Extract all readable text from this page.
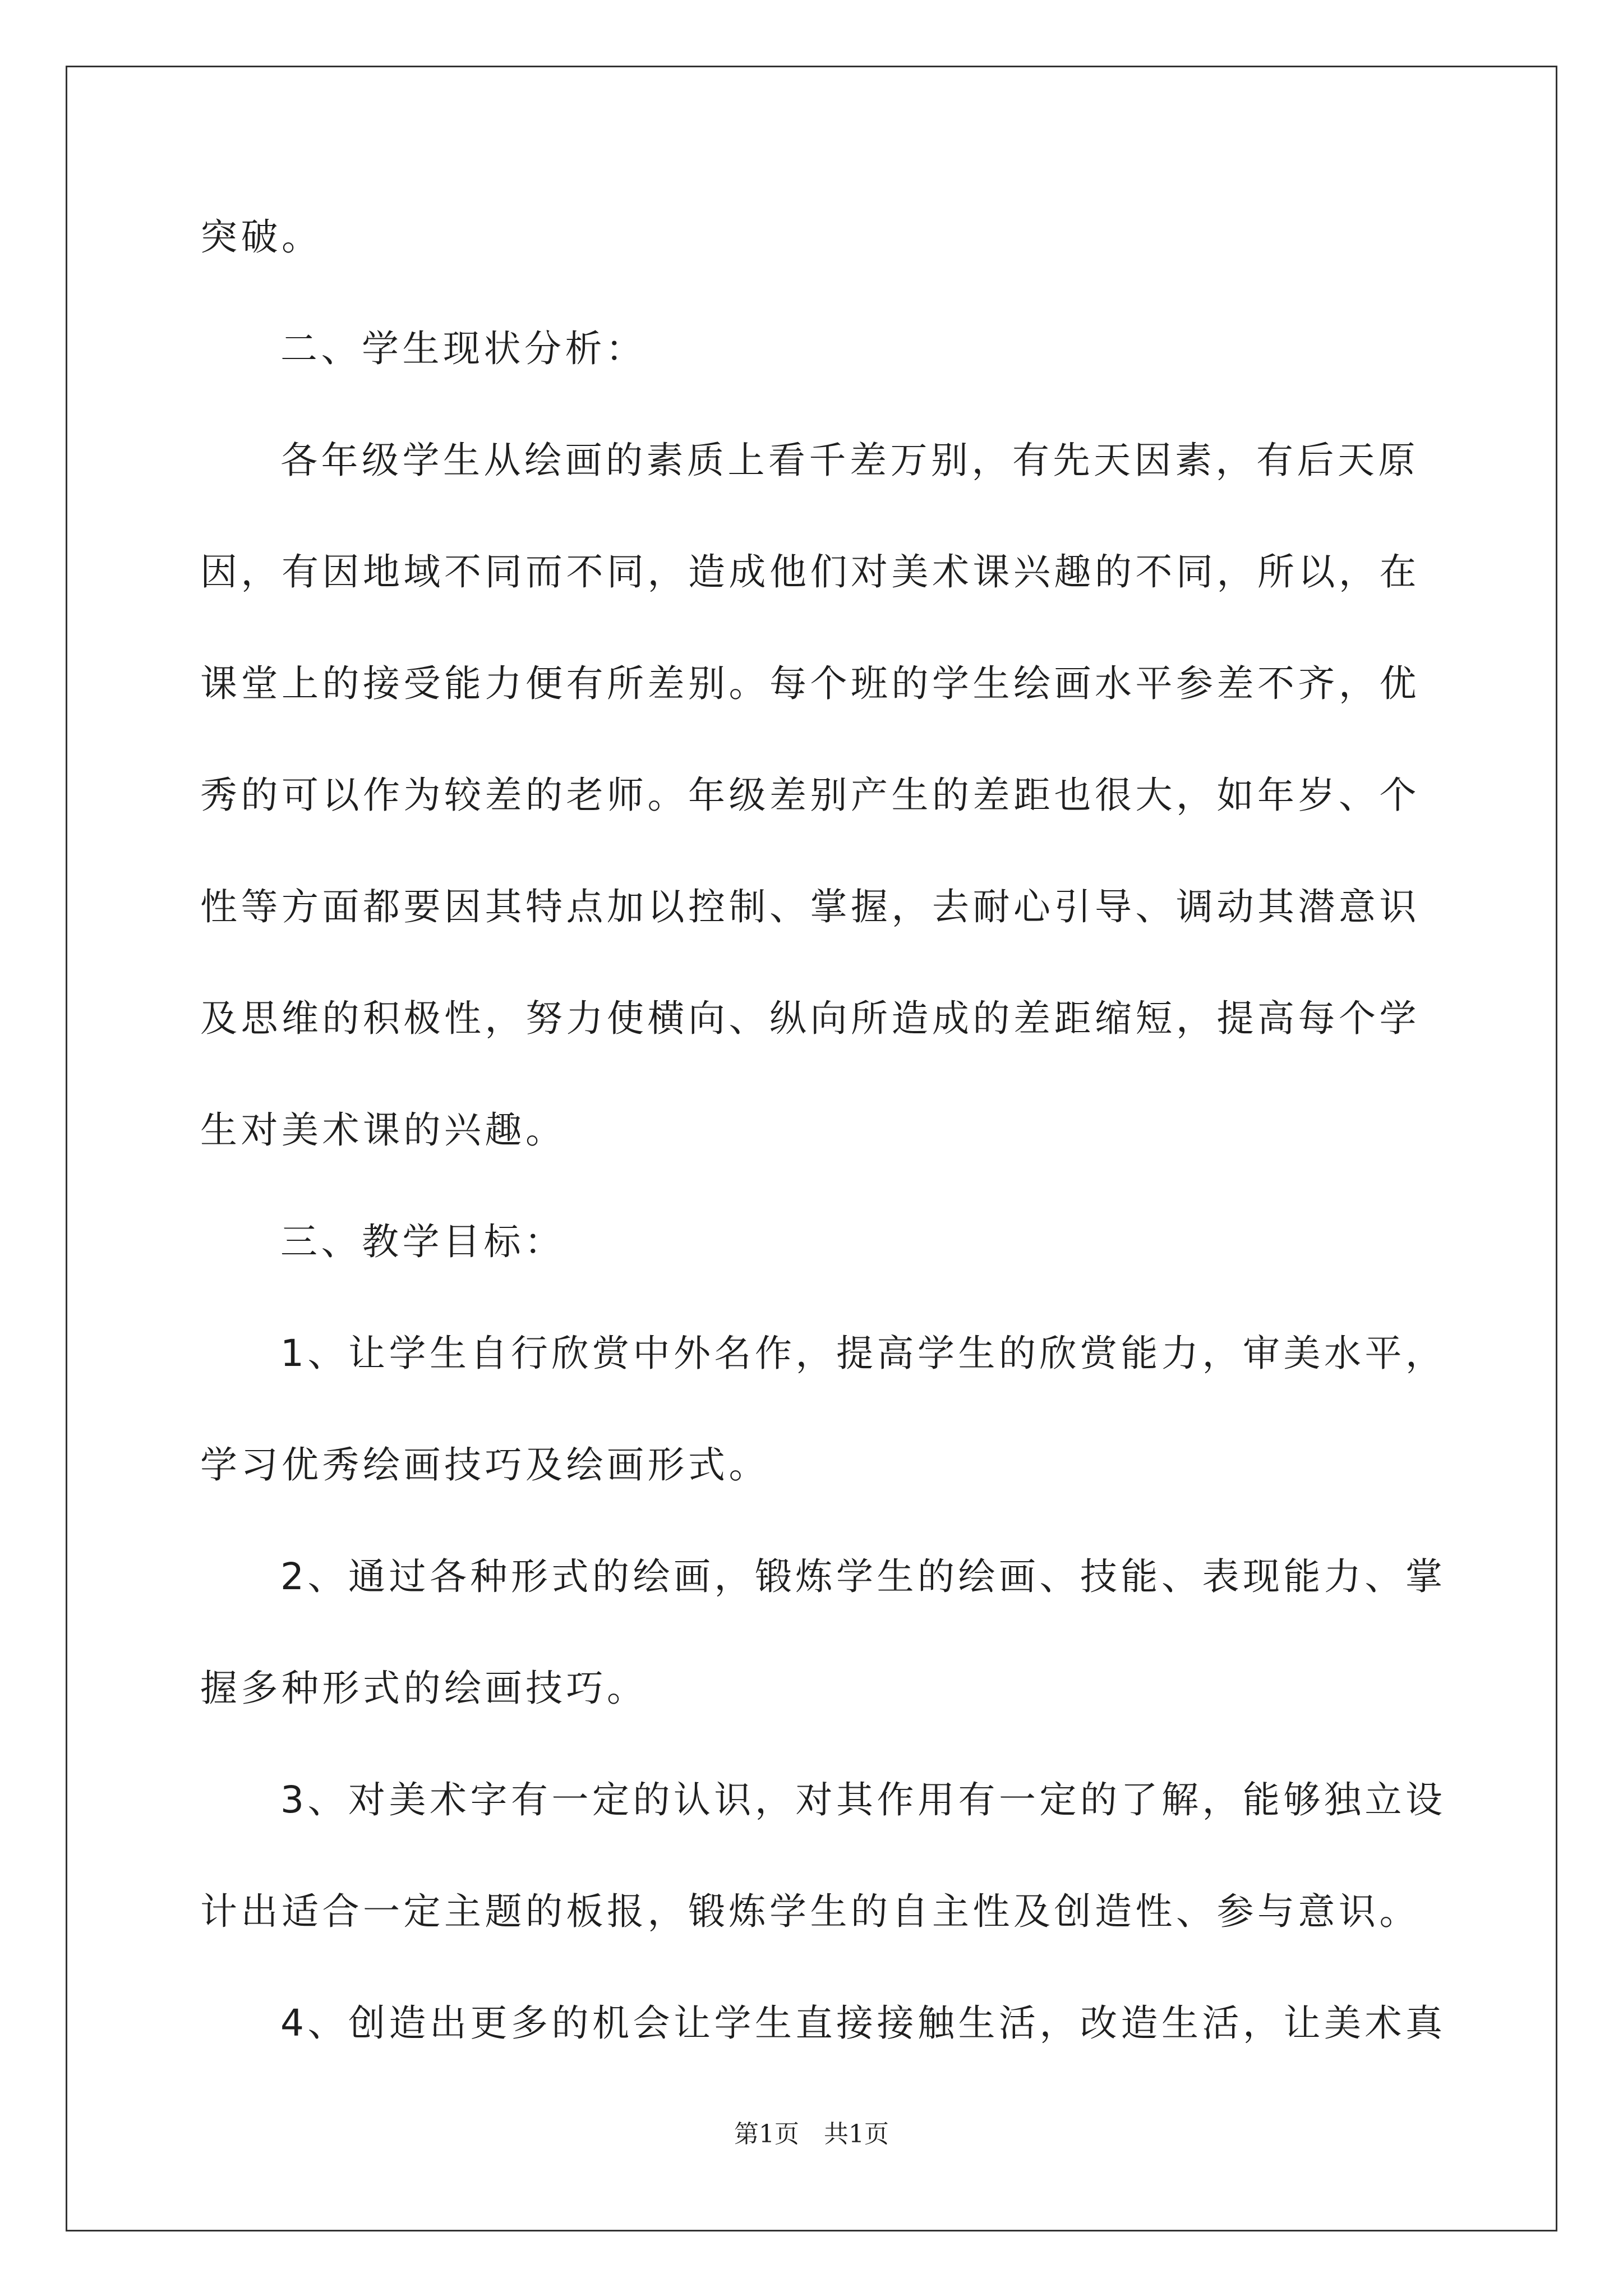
突破。
二、学生现状分析：
各年级学生从绘画的素质上看千差万别，有先天因素，有后天原
因，有因地域不同而不同，造成他们对美术课兴趣的不同，所以，在
课堂上的接受能力便有所差别。每个班的学生绘画水平参差不齐，优
秀的可以作为较差的老师。年级差别产生的差距也很大，如年岁、个
性等方面都要因其特点加以控制、掌握，去耐心引导、调动其潜意识
及思维的积极性，努力使横向、纵向所造成的差距缩短，提高每个学
生对美术课的兴趣。
三、教学目标：
1、让学生自行欣赏中外名作，提高学生的欣赏能力，审美水平，
学习优秀绘画技巧及绘画形式。
2、通过各种形式的绘画，锻炼学生的绘画、技能、表现能力、掌
握多种形式的绘画技巧。
3、对美术字有一定的认识，对其作用有一定的了解，能够独立设
计出适合一定主题的板报，锻炼学生的自主性及创造性、参与意识。
4、创造出更多的机会让学生直接接触生活，改造生活，让美术真
第1页　共1页
